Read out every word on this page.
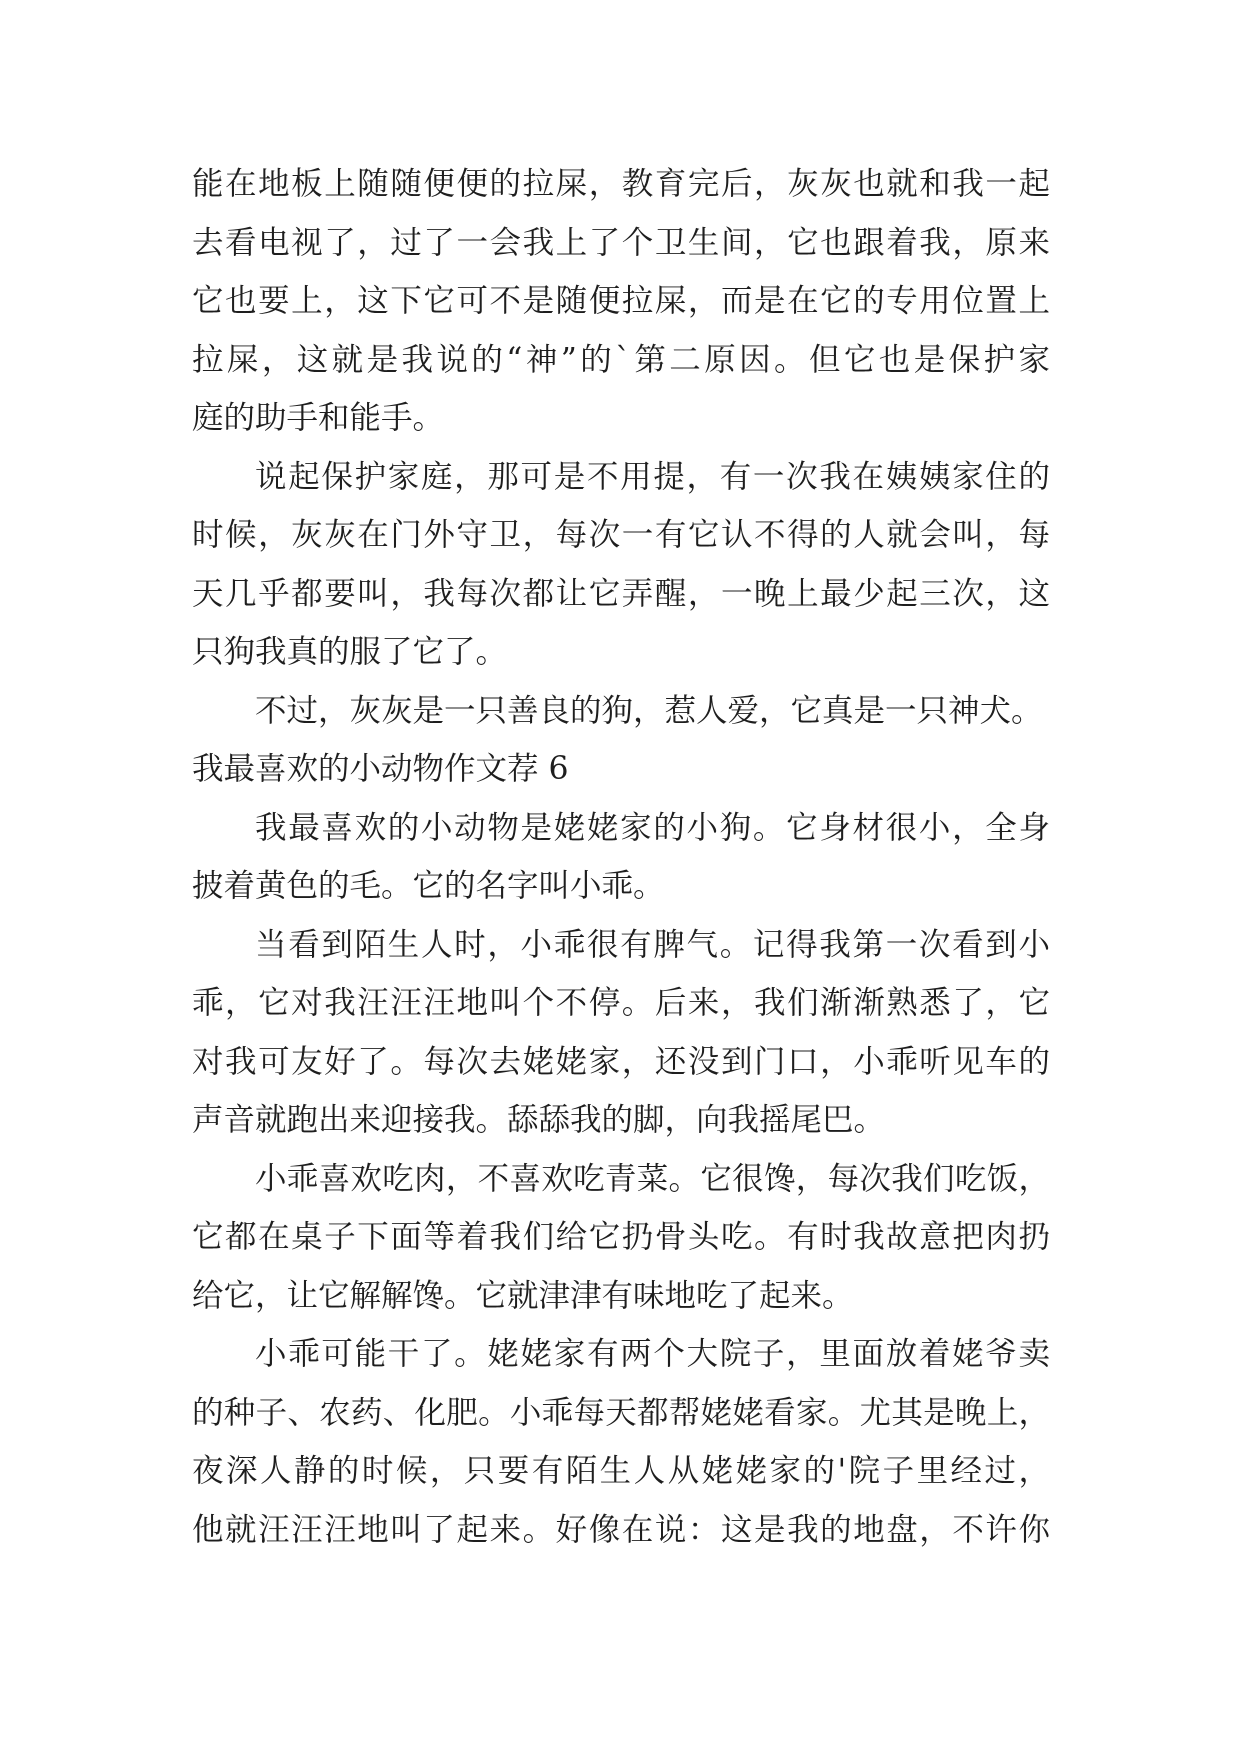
能在地板上随随便便的拉屎，教育完后，灰灰也就和我一起
去看电视了，过了一会我上了个卫生间，它也跟着我，原来
它也要上，这下它可不是随便拉屎，而是在它的专用位置上
拉屎，这就是我说的“神”的`第二原因。但它也是保护家
庭的助手和能手。
说起保护家庭，那可是不用提，有一次我在姨姨家住的
时候，灰灰在门外守卫，每次一有它认不得的人就会叫，每
天几乎都要叫，我每次都让它弄醒，一晚上最少起三次，这
只狗我真的服了它了。
不过，灰灰是一只善良的狗，惹人爱，它真是一只神犬。
我最喜欢的小动物作文荐 6
我最喜欢的小动物是姥姥家的小狗。它身材很小，全身
披着黄色的毛。它的名字叫小乖。
当看到陌生人时，小乖很有脾气。记得我第一次看到小
乖，它对我汪汪汪地叫个不停。后来，我们渐渐熟悉了，它
对我可友好了。每次去姥姥家，还没到门口，小乖听见车的
声音就跑出来迎接我。舔舔我的脚，向我摇尾巴。
小乖喜欢吃肉，不喜欢吃青菜。它很馋，每次我们吃饭，
它都在桌子下面等着我们给它扔骨头吃。有时我故意把肉扔
给它，让它解解馋。它就津津有味地吃了起来。
小乖可能干了。姥姥家有两个大院子，里面放着姥爷卖
的种子、农药、化肥。小乖每天都帮姥姥看家。尤其是晚上，
夜深人静的时候，只要有陌生人从姥姥家的'院子里经过，
他就汪汪汪地叫了起来。好像在说：这是我的地盘，不许你
